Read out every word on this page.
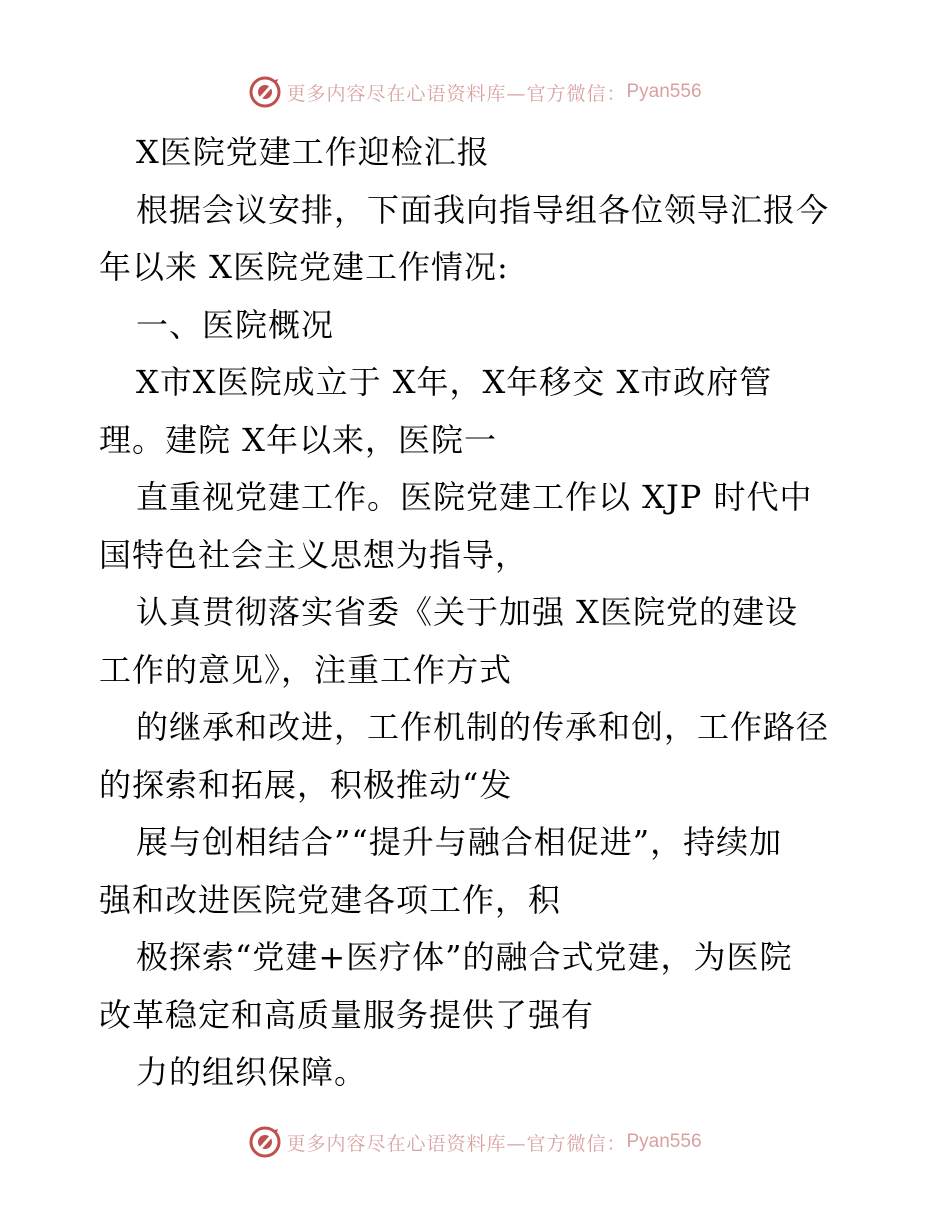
更多内容尽在心语资料库—官方微信： Pyan556
X医院党建工作迎检汇报
根据会议安排，下面我向指导组各位领导汇报今
年以来 X医院党建工作情况:
一、医院概况
X市X医院成立于 X年，X年移交 X市政府管
理。建院 X年以来，医院一
直重视党建工作。医院党建工作以 XJP 时代中
国特色社会主义思想为指导，
认真贯彻落实省委《关于加强 X医院党的建设
工作的意见》，注重工作方式
的继承和改进，工作机制的传承和创，工作路径
的探索和拓展，积极推动“发
展与创相结合”“提升与融合相促进”，持续加
强和改进医院党建各项工作，积
极探索“党建+医疗体”的融合式党建，为医院
改革稳定和高质量服务提供了强有
力的组织保障。
更多内容尽在心语资料库—官方微信： Pyan556
